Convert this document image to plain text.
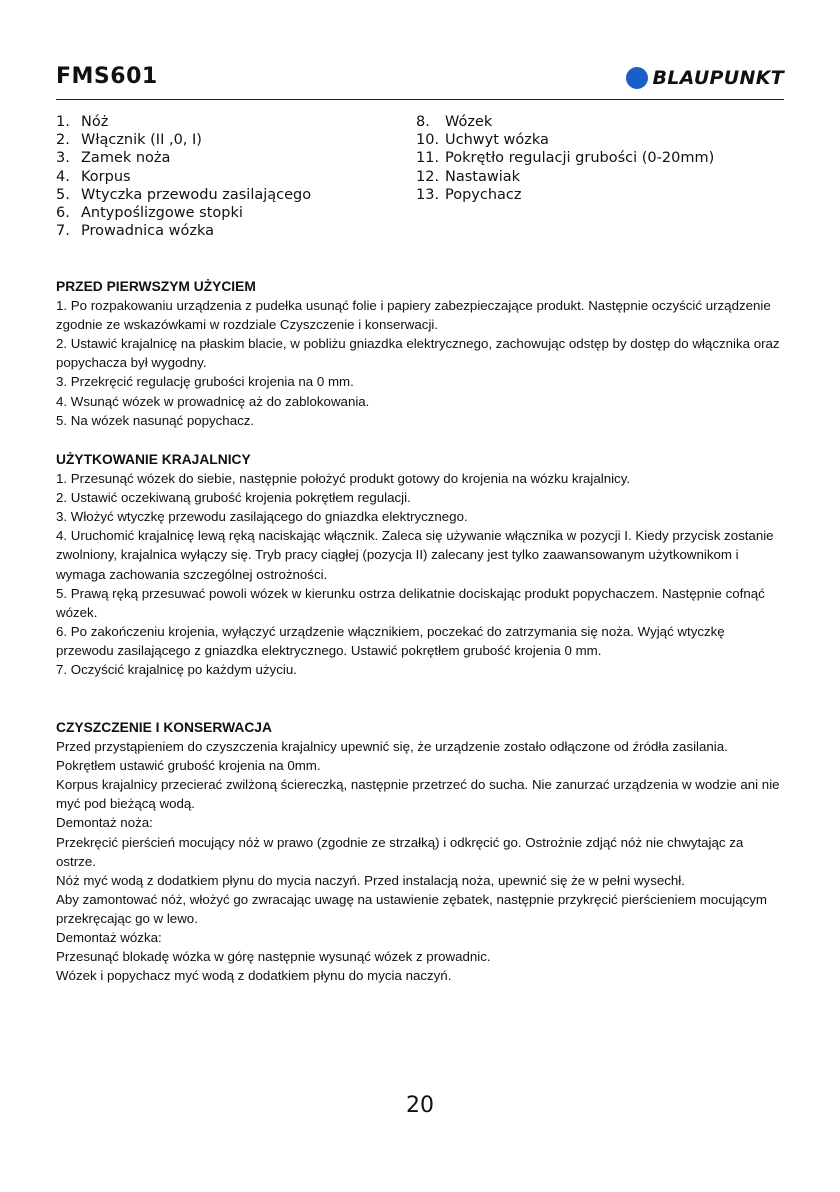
FMS601	BLAUPUNKT
1. Nóż
2. Włącznik (II ,0, I)
3. Zamek noża
4. Korpus
5. Wtyczka przewodu zasilającego
6. Antypoślizgowe stopki
7. Prowadnica wózka
8.	Wózek
10. Uchwyt wózka
11. Pokrętło regulacji grubości (0-20mm)
12. Nastawiak
13. Popychacz
PRZED PIERWSZYM UŻYCIEM

1. Po rozpakowaniu urządzenia z pudełka usunąć folie i papiery zabezpieczające produkt. Następnie oczyścić urządzenie zgodnie ze wskazówkami w rozdziale Czyszczenie i konserwacji.

2. Ustawić krajalnicę na płaskim blacie, w pobliżu gniazdka elektrycznego, zachowując odstęp by dostęp do włącznika oraz popychacza był wygodny.

3. Przekręcić regulację grubości krojenia na 0 mm.

4. Wsunąć wózek w prowadnicę aż do zablokowania.

5. Na wózek nasunąć popychacz.

UŻYTKOWANIE KRAJALNICY

1. Przesunąć wózek do siebie, następnie położyć produkt gotowy do krojenia na wózku krajalnicy.

2. Ustawić oczekiwaną grubość krojenia pokrętłem regulacji.

3. Włożyć wtyczkę przewodu zasilającego do gniazdka elektrycznego.

4. Uruchomić krajalnicę lewą ręką naciskając włącznik. Zaleca się używanie włącznika w pozycji I. Kiedy przycisk zostanie zwolniony, krajalnica wyłączy się. Tryb pracy ciągłej (pozycja II) zalecany jest tylko zaawansowanym użytkownikom i wymaga zachowania szczególnej ostrożności.

5. Prawą ręką przesuwać powoli wózek w kierunku ostrza delikatnie dociskając produkt popychaczem. Następnie cofnąć wózek.

6. Po zakończeniu krojenia, wyłączyć urządzenie włącznikiem, poczekać do zatrzymania się noża. Wyjąć wtyczkę przewodu zasilającego z gniazdka elektrycznego. Ustawić pokrętłem grubość krojenia 0 mm.

7. Oczyścić krajalnicę po każdym użyciu.

CZYSZCZENIE I KONSERWACJA

Przed przystąpieniem do czyszczenia krajalnicy upewnić się, że urządzenie zostało odłączone od źródła zasilania.

Pokrętłem ustawić grubość krojenia na 0mm.

Korpus krajalnicy przecierać zwilżoną ściereczką, następnie przetrzeć do sucha. Nie zanurzać urządzenia w wodzie ani nie myć pod bieżącą wodą.

Demontaż noża:

Przekręcić pierścień mocujący nóż w prawo (zgodnie ze strzałką) i odkręcić go. Ostrożnie zdjąć nóż nie chwytając za ostrze.

Nóż myć wodą z dodatkiem płynu do mycia naczyń. Przed instalacją noża, upewnić się że w pełni wysechł.

Aby zamontować nóż, włożyć go zwracając uwagę na ustawienie zębatek, następnie przykręcić pierścieniem mocującym przekręcając go w lewo.

Demontaż wózka:

Przesunąć blokadę wózka w górę następnie wysunąć wózek z prowadnic.

Wózek i popychacz myć wodą z dodatkiem płynu do mycia naczyń.

20
